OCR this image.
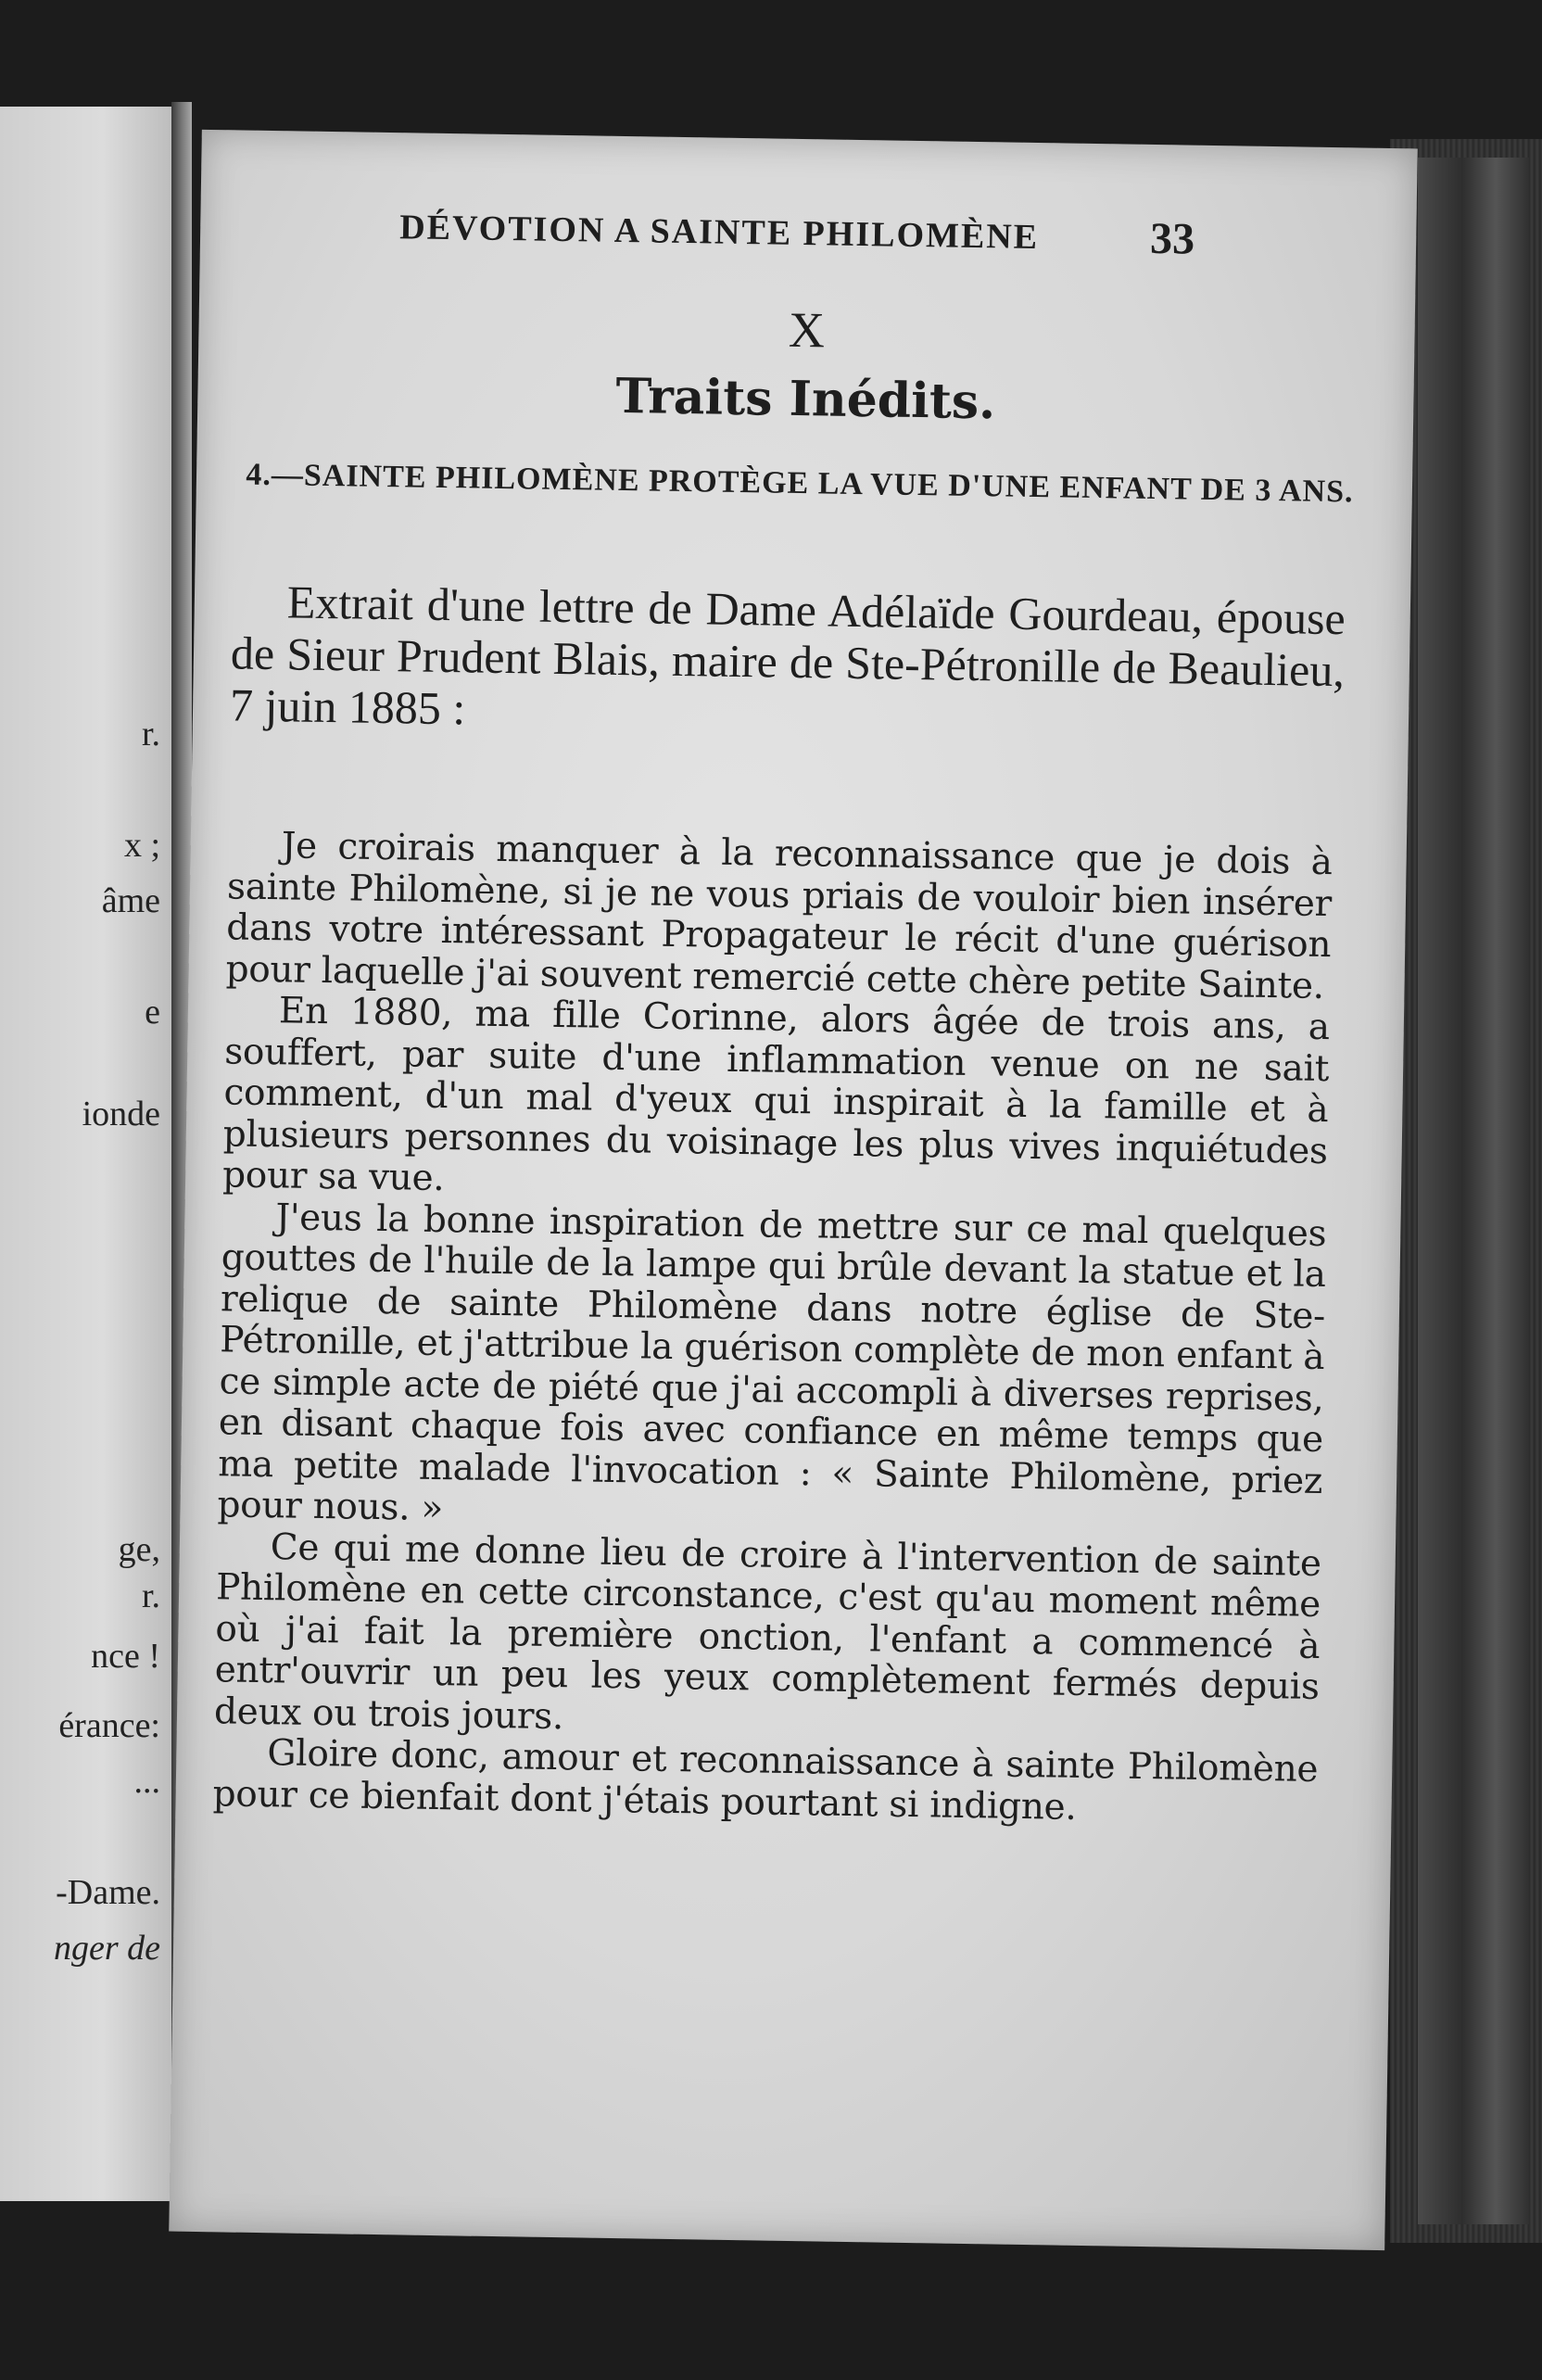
r.
x ;
âme
e
ionde
ge,
r.
nce !
érance:
...
-Dame.
nger de
DÉVOTION A SAINTE PHILOMÈNE 33
X
Traits Inédits.
4.—SAINTE PHILOMÈNE PROTÈGE LA VUE D'UNE ENFANT DE 3 ANS.
Extrait d'une lettre de Dame Adélaïde Gourdeau, épouse de Sieur Prudent Blais, maire de Ste-Pétronille de Beaulieu, 7 juin 1885 :

Je croirais manquer à la reconnaissance que je dois à sainte Philomène, si je ne vous priais de vouloir bien insérer dans votre intéressant Propagateur le récit d'une guérison pour laquelle j'ai souvent remercié cette chère petite Sainte.

En 1880, ma fille Corinne, alors âgée de trois ans, a souffert, par suite d'une inflammation venue on ne sait comment, d'un mal d'yeux qui inspirait à la famille et à plusieurs personnes du voisinage les plus vives inquiétudes pour sa vue.

J'eus la bonne inspiration de mettre sur ce mal quelques gouttes de l'huile de la lampe qui brûle devant la statue et la relique de sainte Philomène dans notre église de Ste-Pétronille, et j'attribue la guérison complète de mon enfant à ce simple acte de piété que j'ai accompli à diverses reprises, en disant chaque fois avec confiance en même temps que ma petite malade l'invocation : « Sainte Philomène, priez pour nous. »

Ce qui me donne lieu de croire à l'intervention de sainte Philomène en cette circonstance, c'est qu'au moment même où j'ai fait la première onction, l'enfant a commencé à entr'ouvrir un peu les yeux complètement fermés depuis deux ou trois jours.

Gloire donc, amour et reconnaissance à sainte Philomène pour ce bienfait dont j'étais pourtant si indigne.
